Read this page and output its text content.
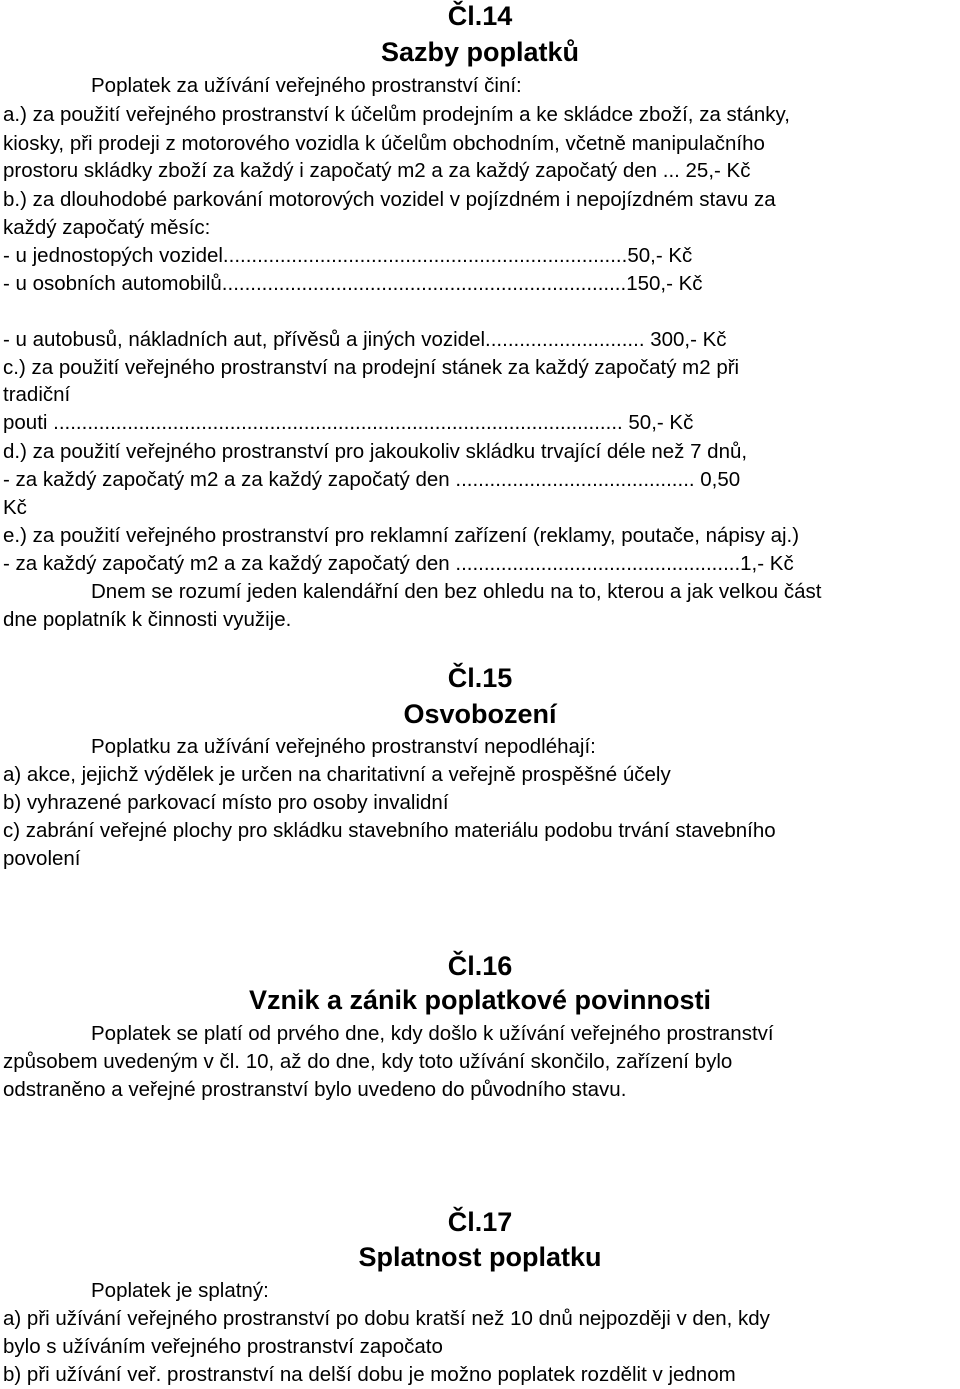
Čl.14
Sazby poplatků
Poplatek za užívání veřejného prostranství činí:
a.) za použití veřejného prostranství k účelům prodejním a ke skládce zboží, za stánky,
kiosky, při prodeji z motorového vozidla k účelům obchodním, včetně manipulačního
prostoru skládky zboží za každý i započatý m2 a za každý započatý den ... 25,- Kč
b.) za dlouhodobé parkování motorových vozidel v pojízdném i nepojízdném stavu za
každý započatý měsíc:
- u jednostopých vozidel.......................................................................50,- Kč
- u osobních automobilů.......................................................................150,- Kč
- u autobusů, nákladních aut, přívěsů a jiných vozidel............................ 300,- Kč
c.) za použití veřejného prostranství na prodejní stánek za každý započatý m2 při
tradiční
pouti .................................................................................................... 50,- Kč
d.) za použití veřejného prostranství pro jakoukoliv skládku trvající déle než 7 dnů,
- za každý započatý m2 a za každý započatý den .......................................... 0,50
Kč
e.) za použití veřejného prostranství pro reklamní zařízení (reklamy, poutače, nápisy aj.)
- za každý započatý m2 a za každý započatý den ..................................................1,- Kč
Dnem se rozumí jeden kalendářní den bez ohledu na to, kterou a jak velkou část
dne poplatník k činnosti využije.
Čl.15
Osvobození
Poplatku za užívání veřejného prostranství nepodléhají:
a) akce, jejichž výdělek je určen na charitativní a veřejně prospěšné účely
b) vyhrazené parkovací místo pro osoby invalidní
c) zabrání veřejné plochy pro skládku stavebního materiálu podobu trvání stavebního
povolení
Čl.16
Vznik a zánik poplatkové povinnosti
Poplatek se platí od prvého dne, kdy došlo k užívání veřejného prostranství
způsobem uvedeným v čl. 10, až do dne, kdy toto užívání skončilo, zařízení bylo
odstraněno a veřejné prostranství bylo uvedeno do původního stavu.
Čl.17
Splatnost poplatku
Poplatek je splatný:
a) při užívání veřejného prostranství po dobu kratší než 10 dnů nejpozději v den, kdy
bylo s užíváním veřejného prostranství započato
b) při užívání veř. prostranství na delší dobu je možno poplatek rozdělit v jednom
